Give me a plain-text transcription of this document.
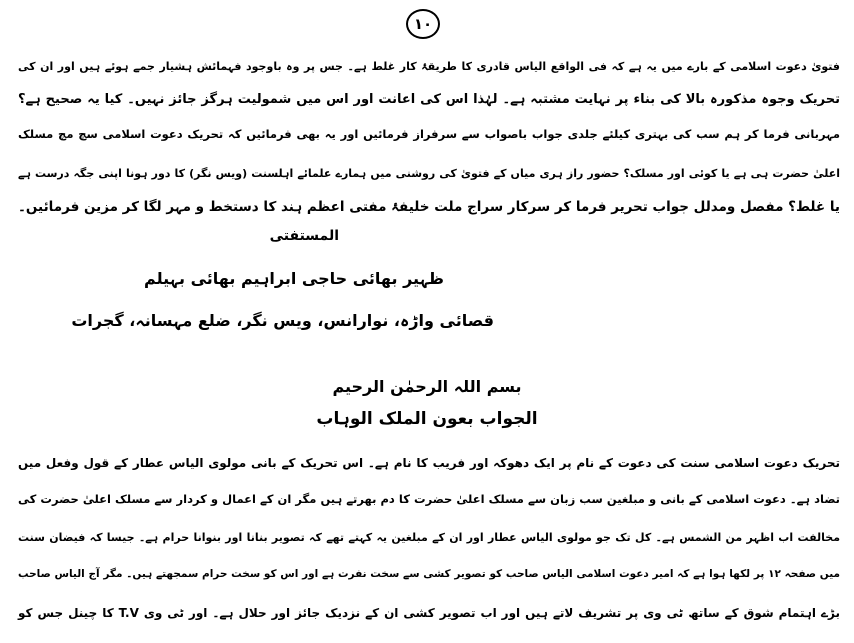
۱۰
فتویٰ دعوت اسلامی کے بارے میں یہ ہے کہ فی الواقع الیاس قادری کا طریقۂ کار غلط ہے۔ جس پر وہ باوجود فہمائش ہشیار جمے ہوئے ہیں اور ان کی
تحریک وجوہ مذکورہ بالا کی بناء پر نہایت مشتبہ ہے۔ لہٰذا اس کی اعانت اور اس میں شمولیت ہرگز جائز نہیں۔ کیا یہ صحیح ہے؟
مہربانی فرما کر ہم سب کی بہتری کیلئے جلدی جواب باصواب سے سرفراز فرمائیں اور یہ بھی فرمائیں کہ تحریک دعوت اسلامی سچ مچ مسلک
اعلیٰ حضرت ہی ہے یا کوئی اور مسلک؟ حضور راز ہری میاں کے فتویٰ کی روشنی میں ہمارے علمائے اہلسنت (ویس نگر) کا دور ہونا اپنی جگہ درست ہے
یا غلط؟ مفصل ومدلل جواب تحریر فرما کر سرکار سراج ملت خلیفۂ مفتی اعظم ہند کا دستخط و مہر لگا کر مزین فرمائیں۔
المستفتی
ظہیر بھائی حاجی ابراہیم بھائی بہیلم
قصائی واڑہ، نوارانس، ویس نگر، ضلع مہسانہ، گجرات
بسم اللہ الرحمٰن الرحیم
الجواب بعون الملک الوہاب
تحریک دعوت اسلامی سنت کی دعوت کے نام پر ایک دھوکہ اور فریب کا نام ہے۔ اس تحریک کے بانی مولوی الیاس عطار کے قول وفعل میں
تضاد ہے۔ دعوت اسلامی کے بانی و مبلغین سب زبان سے مسلک اعلیٰ حضرت کا دم بھرتے ہیں مگر ان کے اعمال و کردار سے مسلک اعلیٰ حضرت کی
مخالفت اب اظہر من الشمس ہے۔ کل تک جو مولوی الیاس عطار اور ان کے مبلغین یہ کہتے تھے کہ تصویر بنانا اور بنوانا حرام ہے۔ جیسا کہ فیضان سنت
میں صفحہ ۱۲ پر لکھا ہوا ہے کہ امیر دعوت اسلامی الیاس صاحب کو تصویر کشی سے سخت نفرت ہے اور اس کو سخت حرام سمجھتے ہیں۔ مگر آج الیاس صاحب
بڑے اہتمام شوق کے ساتھ ٹی وی پر تشریف لاتے ہیں اور اب تصویر کشی ان کے نزدیک جائز اور حلال ہے۔ اور ٹی وی T.V کا چینل جس کو
